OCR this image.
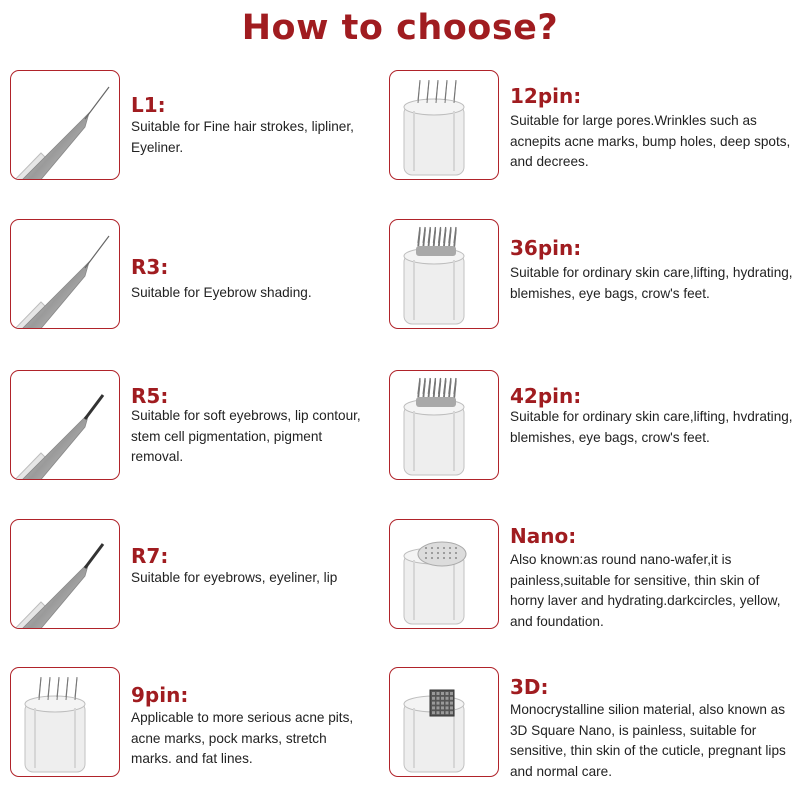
How to choose?
L1:
Suitable for Fine hair strokes, lipliner, Eyeliner.
R3:
Suitable for Eyebrow shading.
R5:
Suitable for soft eyebrows, lip contour, stem cell pigmentation, pigment removal.
R7:
Suitable for eyebrows, eyeliner, lip
9pin:
Applicable to more serious acne pits, acne marks, pock marks, stretch marks. and fat lines.
12pin:
Suitable for large pores.Wrinkles such as acnepits acne marks, bump holes, deep spots, and decrees.
36pin:
Suitable for ordinary skin care,lifting, hydrating, blemishes, eye bags, crow's feet.
42pin:
Suitable for ordinary skin care,lifting, hvdrating, blemishes, eye bags, crow's feet.
Nano:
Also known:as round nano-wafer,it is painless,suitable for sensitive, thin skin of horny laver and hydrating.darkcircles, yellow, and foundation.
3D:
Monocrystalline silion material, also known as 3D Square Nano, is painless, suitable for sensitive, thin skin of the cuticle, pregnant lips and normal care.
